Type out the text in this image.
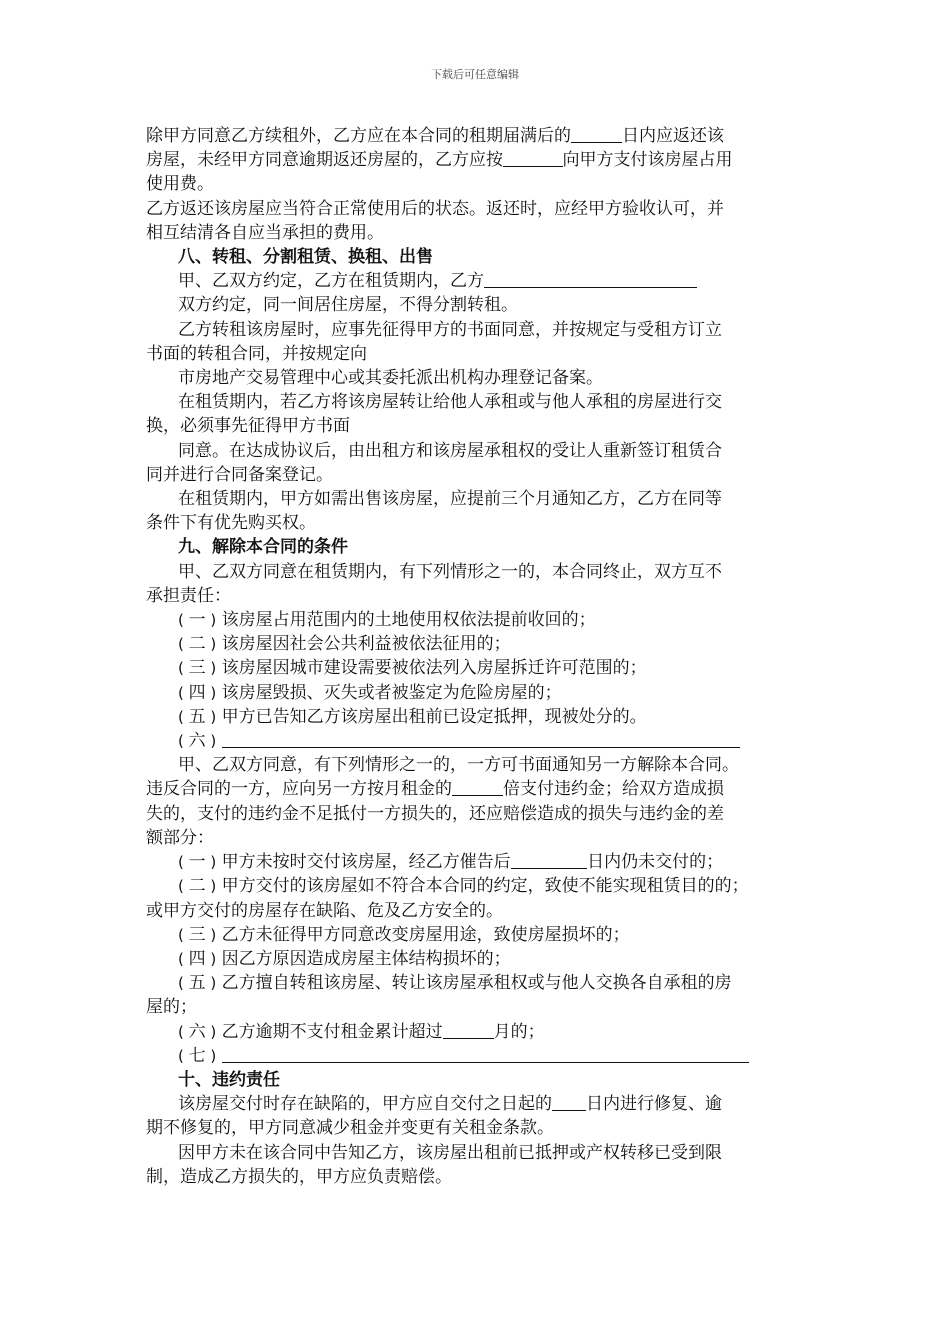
下载后可任意编辑
除甲方同意乙方续租外，乙方应在本合同的租期届满后的	日内应返还该
房屋，未经甲方同意逾期返还房屋的，乙方应按	向甲方支付该房屋占用
使用费。
乙方返还该房屋应当符合正常使用后的状态。返还时，应经甲方验收认可，并
相互结清各自应当承担的费用。
八、转租、分割租赁、换租、出售
甲、乙双方约定，乙方在租赁期内，乙方
双方约定，同一间居住房屋，不得分割转租。
乙方转租该房屋时，应事先征得甲方的书面同意，并按规定与受租方订立
书面的转租合同，并按规定向
市房地产交易管理中心或其委托派出机构办理登记备案。
在租赁期内，若乙方将该房屋转让给他人承租或与他人承租的房屋进行交
换，必须事先征得甲方书面
同意。在达成协议后，由出租方和该房屋承租权的受让人重新签订租赁合
同并进行合同备案登记。
在租赁期内，甲方如需出售该房屋，应提前三个月通知乙方，乙方在同等
条件下有优先购买权。
九、解除本合同的条件
甲、乙双方同意在租赁期内，有下列情形之一的，本合同终止，双方互不
承担责任：
( 一 ) 该房屋占用范围内的土地使用权依法提前收回的；
( 二 ) 该房屋因社会公共利益被依法征用的；
( 三 ) 该房屋因城市建设需要被依法列入房屋拆迁许可范围的；
( 四 ) 该房屋毁损、灭失或者被鉴定为危险房屋的；
( 五 ) 甲方已告知乙方该房屋出租前已设定抵押，现被处分的。
( 六 )
甲、乙双方同意，有下列情形之一的，一方可书面通知另一方解除本合同。
违反合同的一方，应向另一方按月租金的	倍支付违约金；给双方造成损
失的，支付的违约金不足抵付一方损失的，还应赔偿造成的损失与违约金的差
额部分：
( 一 ) 甲方未按时交付该房屋，经乙方催告后	日内仍未交付的；
( 二 ) 甲方交付的该房屋如不符合本合同的约定，致使不能实现租赁目的的；
或甲方交付的房屋存在缺陷、危及乙方安全的。
( 三 ) 乙方未征得甲方同意改变房屋用途，致使房屋损坏的；
( 四 ) 因乙方原因造成房屋主体结构损坏的；
( 五 ) 乙方擅自转租该房屋、转让该房屋承租权或与他人交换各自承租的房
屋的；
( 六 ) 乙方逾期不支付租金累计超过	月的；
( 七 )
十、违约责任
该房屋交付时存在缺陷的，甲方应自交付之日起的 日内进行修复、逾
期不修复的，甲方同意减少租金并变更有关租金条款。
因甲方未在该合同中告知乙方，该房屋出租前已抵押或产权转移已受到限
制，造成乙方损失的，甲方应负责赔偿。
